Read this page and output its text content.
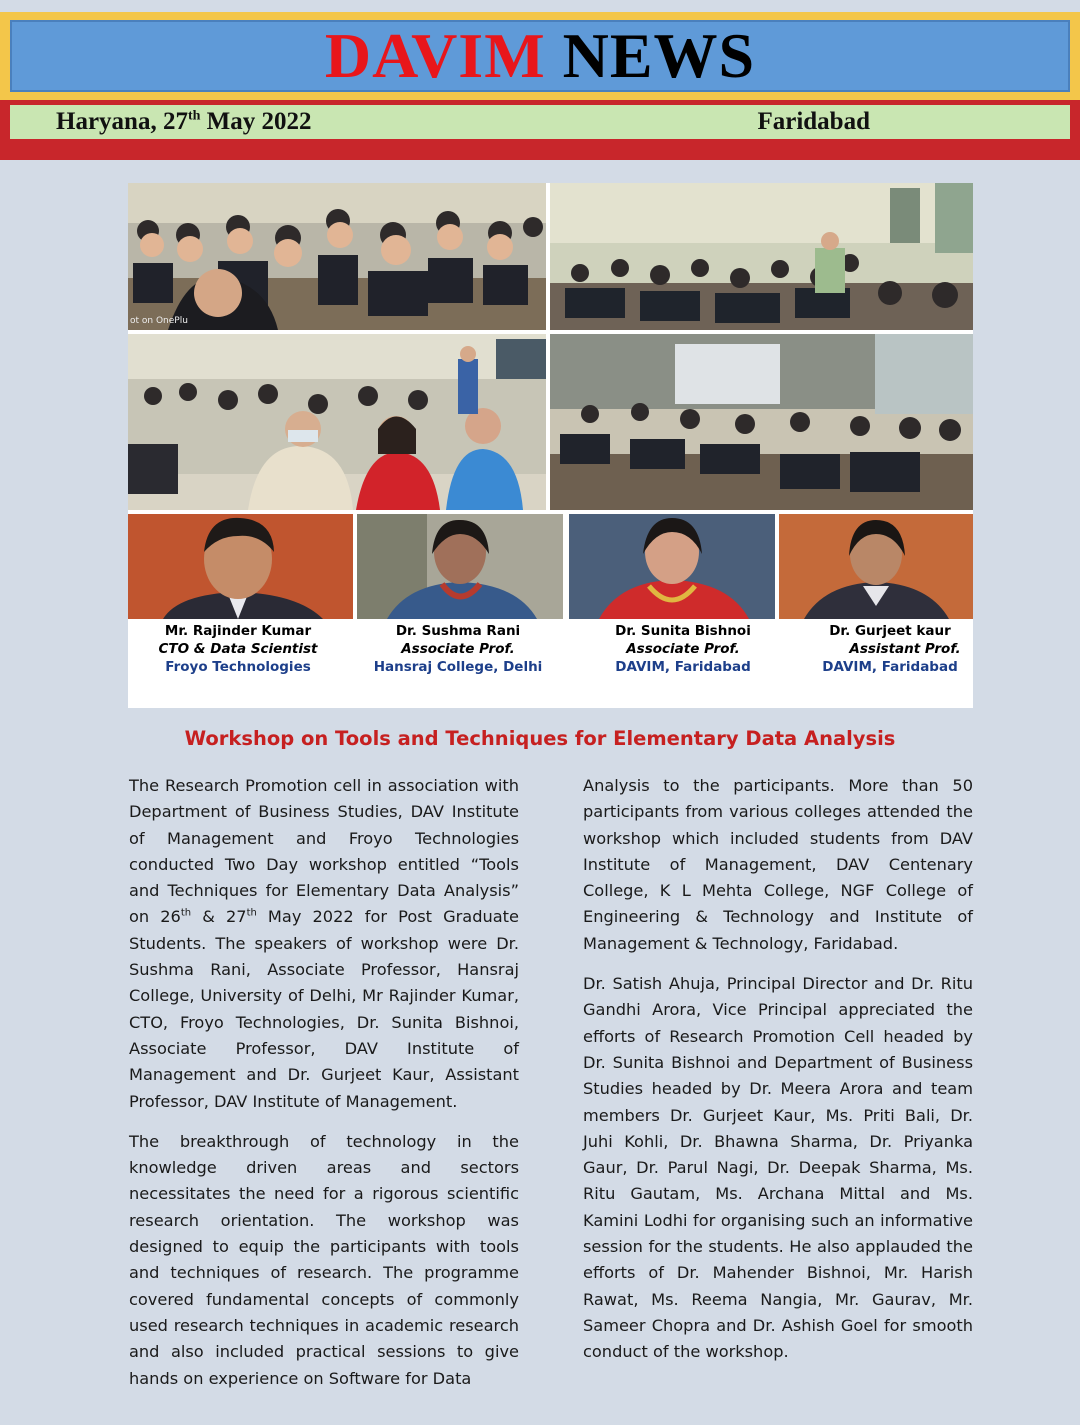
DAVIM NEWS
Haryana, 27th May 2022	Faridabad
ot on OnePlu
Mr. Rajinder Kumar
CTO & Data Scientist
Froyo Technologies
Dr. Sushma Rani
Associate Prof.
Hansraj College, Delhi
Dr. Sunita Bishnoi
Associate Prof.
DAVIM, Faridabad
Dr. Gurjeet kaur
Assistant Prof.
DAVIM, Faridabad
Workshop on Tools and Techniques for Elementary Data Analysis

The Research Promotion cell in association with Department of Business Studies, DAV Institute of Management and Froyo Technologies conducted Two Day workshop entitled “Tools and Techniques for Elementary Data Analysis” on 26th & 27th May 2022 for Post Graduate Students. The speakers of workshop were Dr. Sushma Rani, Associate Professor, Hansraj College, University of Delhi, Mr Rajinder Kumar, CTO, Froyo Technologies, Dr. Sunita Bishnoi, Associate Professor, DAV Institute of Management and Dr. Gurjeet Kaur, Assistant Professor, DAV Institute of Management.

The breakthrough of technology in the knowledge driven areas and sectors necessitates the need for a rigorous scientific research orientation. The workshop was designed to equip the participants with tools and techniques of research. The programme covered fundamental concepts of commonly used research techniques in academic research and also included practical sessions to give hands on experience on Software for Data

Analysis to the participants. More than 50 participants from various colleges attended the workshop which included students from DAV Institute of Management, DAV Centenary College, K L Mehta College, NGF College of Engineering & Technology and Institute of Management & Technology, Faridabad.

Dr. Satish Ahuja, Principal Director and Dr. Ritu Gandhi Arora, Vice Principal appreciated the efforts of Research Promotion Cell headed by Dr. Sunita Bishnoi and Department of Business Studies headed by Dr. Meera Arora and team members Dr. Gurjeet Kaur, Ms. Priti Bali, Dr. Juhi Kohli, Dr. Bhawna Sharma, Dr. Priyanka Gaur, Dr. Parul Nagi, Dr. Deepak Sharma, Ms. Ritu Gautam, Ms. Archana Mittal and Ms. Kamini Lodhi for organising such an informative session for the students. He also applauded the efforts of Dr. Mahender Bishnoi, Mr. Harish Rawat, Ms. Reema Nangia, Mr. Gaurav, Mr. Sameer Chopra and Dr. Ashish Goel for smooth conduct of the workshop.
